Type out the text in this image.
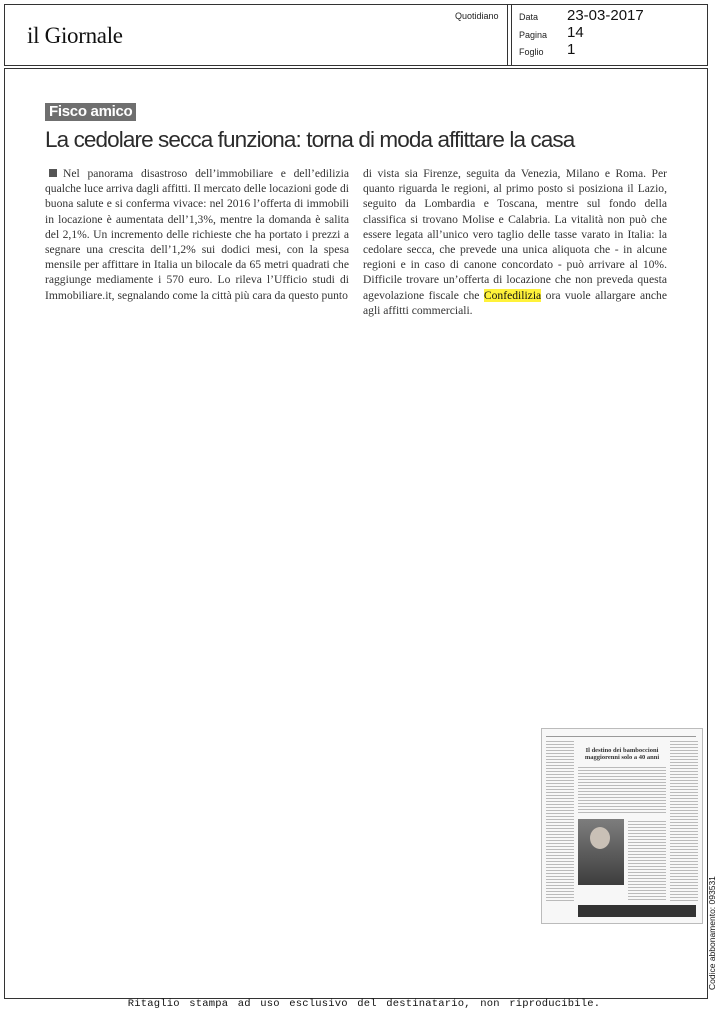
il Giornale
Quotidiano Data 23-03-2017
Pagina 14
Foglio 1
Fisco amico
La cedolare secca funziona: torna di moda affittare la casa
Nel panorama disastroso dell’immobiliare e dell’edilizia qualche luce arriva dagli affitti. Il mercato delle locazioni gode di buona salute e si conferma vivace: nel 2016 l’offerta di immobili in locazione è aumentata dell’1,3%, mentre la domanda è salita del 2,1%. Un incremento delle richieste che ha portato i prezzi a segnare una crescita dell’1,2% sui dodici mesi, con la spesa mensile per affittare in Italia un bilocale da 65 metri quadrati che raggiunge mediamente i 570 euro. Lo rileva l’Ufficio studi di Immobiliare.it, segnalando come la città più cara da questo punto
di vista sia Firenze, seguita da Venezia, Milano e Roma. Per quanto riguarda le regioni, al primo posto si posiziona il Lazio, seguito da Lombardia e Toscana, mentre sul fondo della classifica si trovano Molise e Calabria. La vitalità non può che essere legata all’unico vero taglio delle tasse varato in Italia: la cedolare secca, che prevede una unica aliquota che - in alcune regioni e in caso di canone concordato - può arrivare al 10%. Difficile trovare un’offerta di locazione che non preveda questa agevolazione fiscale che Confedilizia ora vuole allargare anche agli affitti commerciali.
Il destino dei bamboccioni maggiorenni solo a 40 anni
Codice abbonamento: 093531
Ritaglio stampa ad uso esclusivo del destinatario, non riproducibile.
